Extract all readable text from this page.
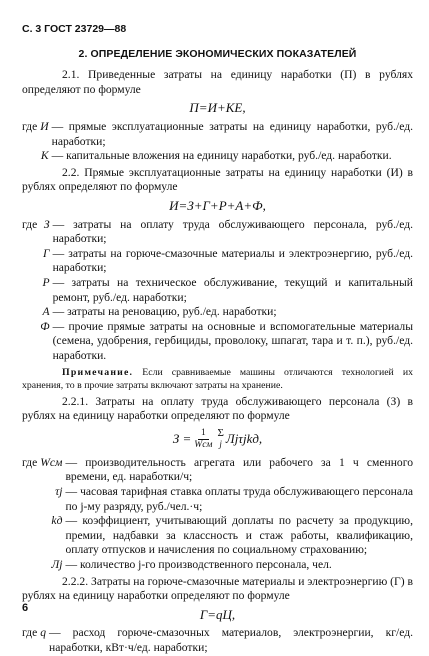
С. 3 ГОСТ 23729—88
2. ОПРЕДЕЛЕНИЕ ЭКОНОМИЧЕСКИХ ПОКАЗАТЕЛЕЙ

2.1. Приведенные затраты на единицу наработки (П) в рублях определяют по формуле

П=И+КЕ,
где И — прямые эксплуатационные затраты на единицу наработки, руб./ед. наработки;
К — капитальные вложения на единицу наработки, руб./ед. наработки.

2.2. Прямые эксплуатационные затраты на единицу наработки (И) в рублях определяют по формуле

И=З+Г+Р+А+Ф,
где З — затраты на оплату труда обслуживающего персонала, руб./ед. наработки;
Г — затраты на горюче-смазочные материалы и электроэнергию, руб./ед. наработки;
Р — затраты на техническое обслуживание, текущий и капитальный ремонт, руб./ед. наработки;
А — затраты на реновацию, руб./ед. наработки;
Ф — прочие прямые затраты на основные и вспомогательные материалы (семена, удобрения, гербициды, проволоку, шпагат, тара и т. п.), руб./ед. наработки.

Примечание. Если сравниваемые машины отличаются технологией их хранения, то в прочие затраты включают затраты на хранение.

2.2.1. Затраты на оплату труда обслуживающего персонала (З) в рублях на единицу наработки определяют по формуле

$З = \frac{1}{\text{Wсм}}$ Σ
j Лjτjkд,
где Wсм — производительность агрегата или рабочего за 1 ч сменного времени, ед. наработки/ч;
τj — часовая тарифная ставка оплаты труда обслуживающего персонала по j-му разряду, руб./чел.·ч;
kд — коэффициент, учитывающий доплаты по расчету за продукцию, премии, надбавки за классность и стаж работы, квалификацию, оплату отпусков и начисления по социальному страхованию;
Лj — количество j-го производственного персонала, чел.

2.2.2. Затраты на горюче-смазочные материалы и электроэнергию (Г) в рублях на единицу наработки определяют по формуле

Г=qЦ,
где q — расход горюче-смазочных материалов, электроэнергии, кг/ед. наработки, кВт·ч/ед. наработки;
6
